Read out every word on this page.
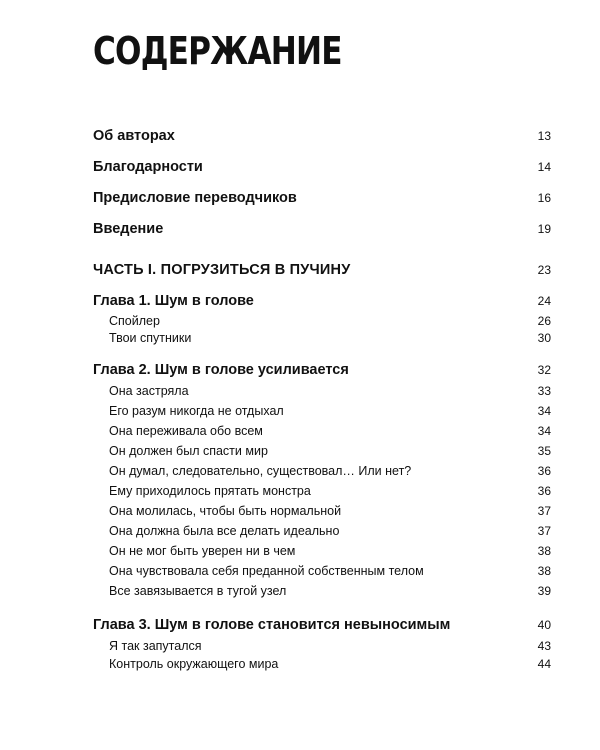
СОДЕРЖАНИЕ
Об авторах	13
Благодарности	14
Предисловие переводчиков	16
Введение	19
ЧАСТЬ I. ПОГРУЗИТЬСЯ В ПУЧИНУ	23
Глава 1. Шум в голове	24
Спойлер	26
Твои спутники	30
Глава 2. Шум в голове усиливается	32
Она застряла	33
Его разум никогда не отдыхал	34
Она переживала обо всем	34
Он должен был спасти мир	35
Он думал, следовательно, существовал… Или нет?	36
Ему приходилось прятать монстра	36
Она молилась, чтобы быть нормальной	37
Она должна была все делать идеально	37
Он не мог быть уверен ни в чем	38
Она чувствовала себя преданной собственным телом	38
Все завязывается в тугой узел	39
Глава 3. Шум в голове становится невыносимым	40
Я так запутался	43
Контроль окружающего мира	44
